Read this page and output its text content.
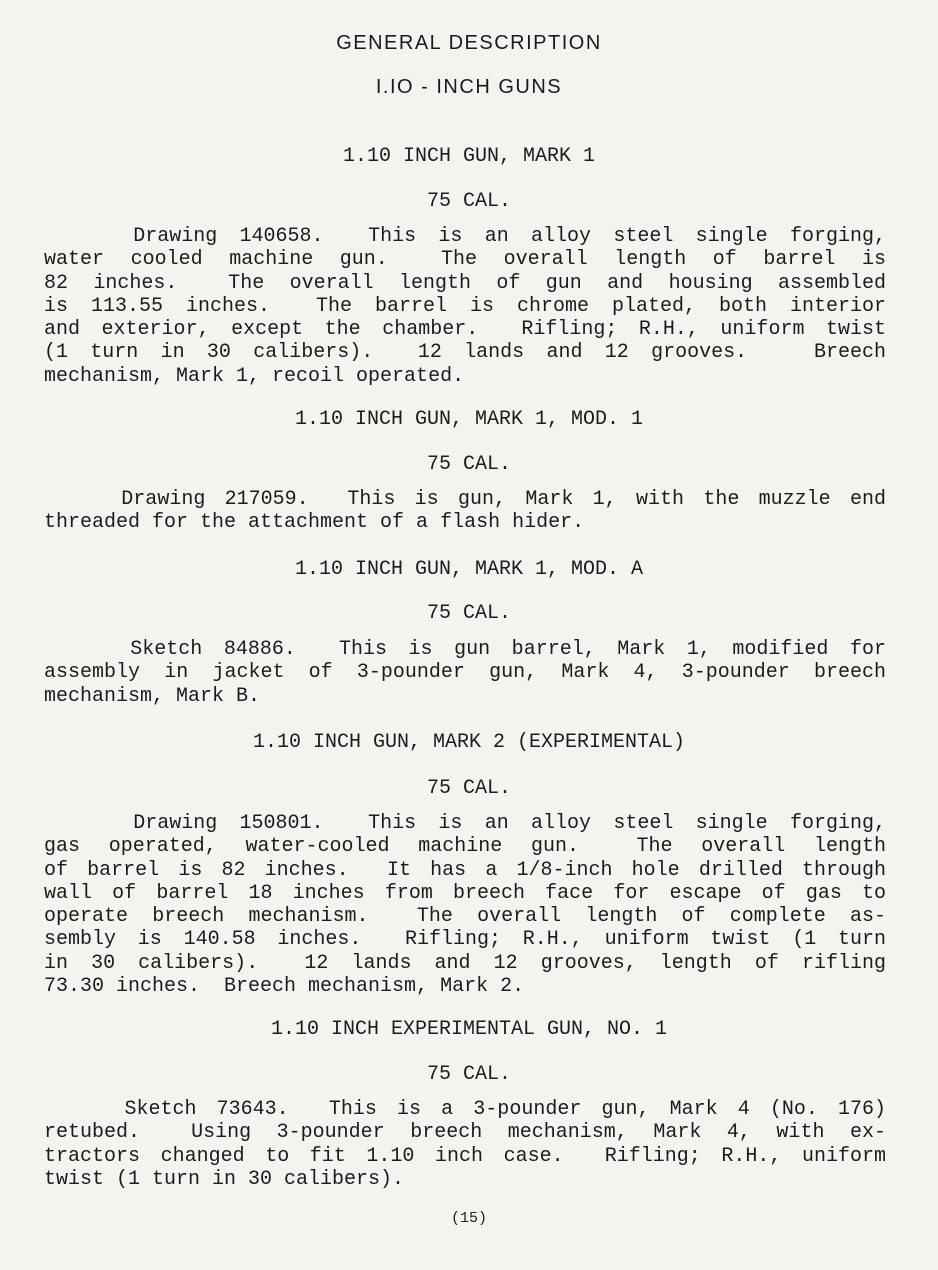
GENERAL DESCRIPTION
I.IO - INCH GUNS
1.10 INCH GUN, MARK 1
75 CAL.
Drawing 140658.  This is an alloy steel single forging,
water cooled machine gun.  The overall length of barrel is
82 inches.  The overall length of gun and housing assembled
is 113.55 inches.  The barrel is chrome plated, both interior
and exterior, except the chamber.  Rifling; R.H., uniform twist
(1 turn in 30 calibers).  12 lands and 12 grooves.   Breech
mechanism, Mark 1, recoil operated.
1.10 INCH GUN, MARK 1, MOD. 1
75 CAL.
Drawing 217059.  This is gun, Mark 1, with the muzzle end
threaded for the attachment of a flash hider.
1.10 INCH GUN, MARK 1, MOD. A
75 CAL.
Sketch 84886.  This is gun barrel, Mark 1, modified for
assembly in jacket of 3-pounder gun, Mark 4, 3-pounder breech
mechanism, Mark B.
1.10 INCH GUN, MARK 2 (EXPERIMENTAL)
75 CAL.
Drawing 150801.  This is an alloy steel single forging,
gas operated, water-cooled machine gun.  The overall length
of barrel is 82 inches.  It has a 1/8-inch hole drilled through
wall of barrel 18 inches from breech face for escape of gas to
operate breech mechanism.  The overall length of complete as-
sembly is 140.58 inches.  Rifling; R.H., uniform twist (1 turn
in 30 calibers).  12 lands and 12 grooves, length of rifling
73.30 inches.  Breech mechanism, Mark 2.
1.10 INCH EXPERIMENTAL GUN, NO. 1
75 CAL.
Sketch 73643.  This is a 3-pounder gun, Mark 4 (No. 176)
retubed.  Using 3-pounder breech mechanism, Mark 4, with ex-
tractors changed to fit 1.10 inch case.  Rifling; R.H., uniform
twist (1 turn in 30 calibers).
(15)
